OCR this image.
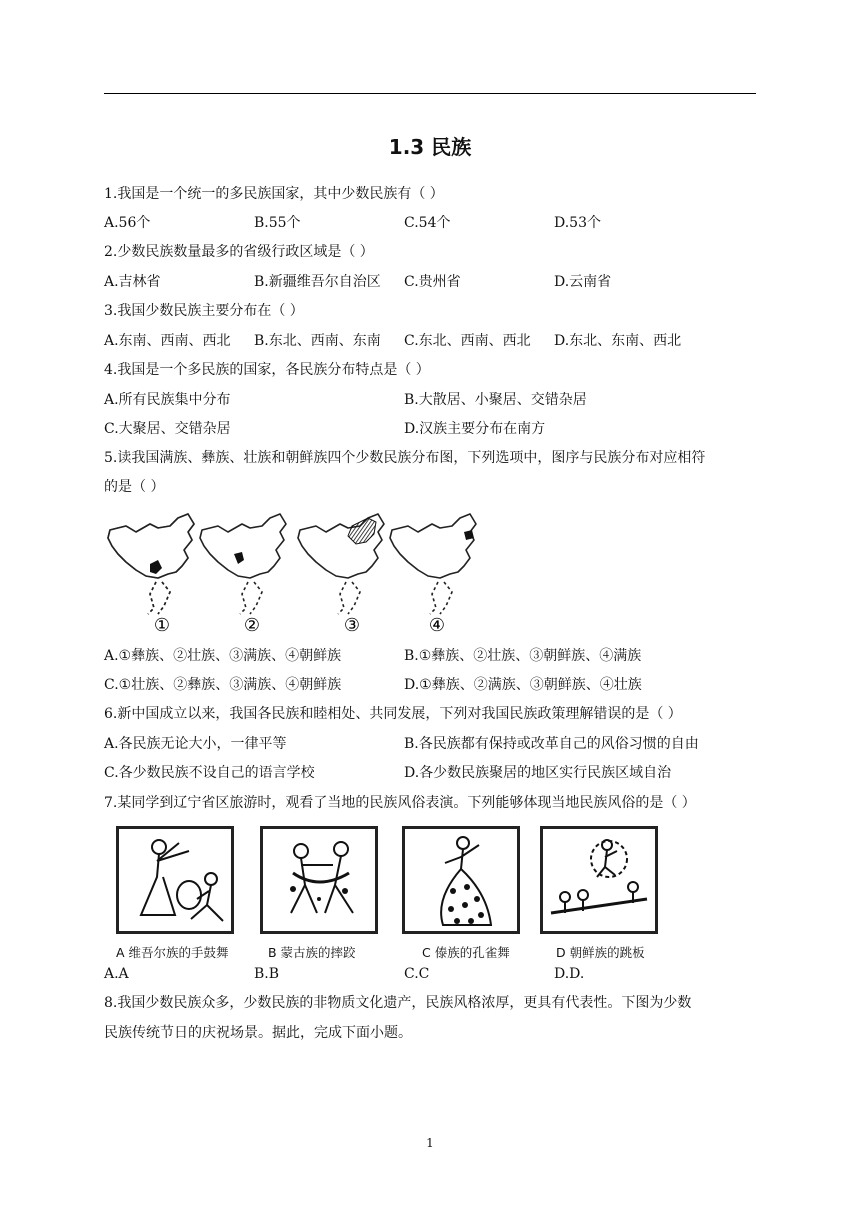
1.3 民族
1.我国是一个统一的多民族国家，其中少数民族有（ ）
A.56个	B.55个	C.54个	D.53个
2.少数民族数量最多的省级行政区域是（ ）
A.吉林省	B.新疆维吾尔自治区 C.贵州省	D.云南省
3.我国少数民族主要分布在（ ）
A.东南、西南、西北 B.东北、西南、东南 C.东北、西南、西北 D.东北、东南、西北
4.我国是一个多民族的国家，各民族分布特点是（ ）
A.所有民族集中分布	B.大散居、小聚居、交错杂居
C.大聚居、交错杂居	D.汉族主要分布在南方
5.读我国满族、彝族、壮族和朝鲜族四个少数民族分布图，下列选项中，图序与民族分布对应相符
的是（ ）
①	②	③	④
A.①彝族、②壮族、③满族、④朝鲜族	B.①彝族、②壮族、③朝鲜族、④满族
C.①壮族、②彝族、③满族、④朝鲜族	D.①彝族、②满族、③朝鲜族、④壮族
6.新中国成立以来，我国各民族和睦相处、共同发展，下列对我国民族政策理解错误的是（ ）
A.各民族无论大小，一律平等	B.各民族都有保持或改革自己的风俗习惯的自由
C.各少数民族不设自己的语言学校	D.各少数民族聚居的地区实行民族区域自治
7.某同学到辽宁省区旅游时，观看了当地的民族风俗表演。下列能够体现当地民族风俗的是（ ）
A 维吾尔族的手鼓舞	B 蒙古族的摔跤	C 傣族的孔雀舞	D 朝鲜族的跳板
A.A	B.B	C.C	D.D.
8.我国少数民族众多，少数民族的非物质文化遗产，民族风格浓厚，更具有代表性。下图为少数
民族传统节日的庆祝场景。据此，完成下面小题。
1
